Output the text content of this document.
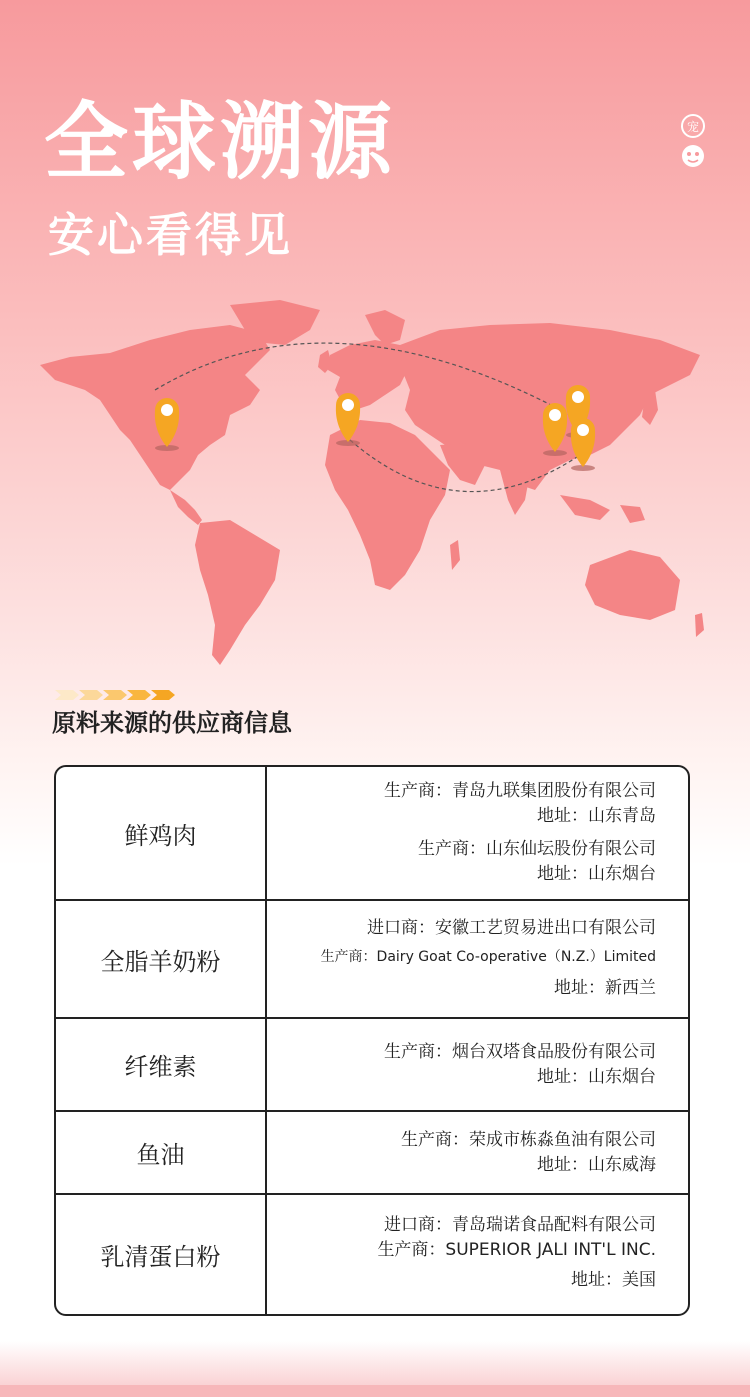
全球溯源
安心看得见
宠
原料来源的供应商信息
鲜鸡肉	生产商：青岛九联集团股份有限公司
地址：山东青岛
生产商：山东仙坛股份有限公司
地址：山东烟台

全脂羊奶粉	进口商：安徽工艺贸易进出口有限公司
生产商：Dairy Goat Co-operative（N.Z.）Limited
地址：新西兰

纤维素	生产商：烟台双塔食品股份有限公司
地址：山东烟台

鱼油	生产商：荣成市栋淼鱼油有限公司
地址：山东威海

乳清蛋白粉	进口商：青岛瑞诺食品配料有限公司
生产商：SUPERIOR JALI INT'L INC.
地址：美国
